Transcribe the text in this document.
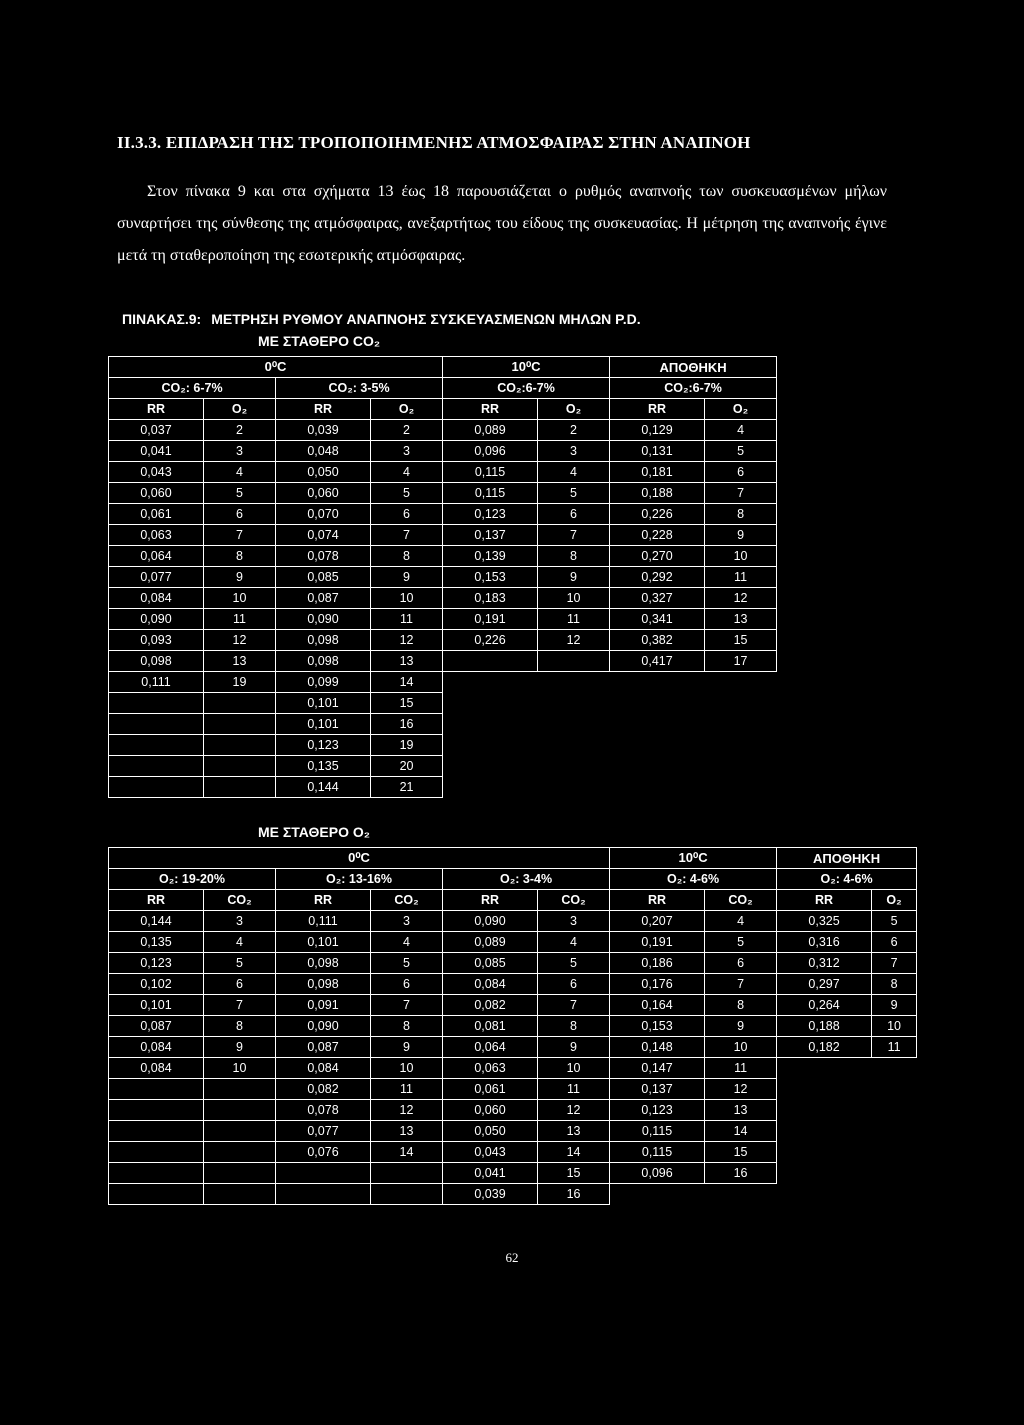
II.3.3. ΕΠΙΔΡΑΣΗ ΤΗΣ ΤΡΟΠΟΠΟΙΗΜΕΝΗΣ ΑΤΜΟΣΦΑΙΡΑΣ ΣΤΗΝ ΑΝΑΠΝΟΗ
Στον πίνακα 9 και στα σχήματα 13 έως 18 παρουσιάζεται ο ρυθμός αναπνοής των συσκευασμένων μήλων συναρτήσει της σύνθεσης της ατμόσφαιρας, ανεξαρτήτως του είδους της συσκευασίας. Η μέτρηση της αναπνοής έγινε μετά τη σταθεροποίηση της εσωτερικής ατμόσφαιρας.
ΠΙΝΑΚΑΣ.9: ΜΕΤΡΗΣΗ ΡΥΘΜΟΥ ΑΝΑΠΝΟΗΣ ΣΥΣΚΕΥΑΣΜΕΝΩΝ ΜΗΛΩΝ P.D.
ΜΕ ΣΤΑΘΕΡΟ CO₂
0⁰C				10⁰C		ΑΠΟΘΗΚΗ	
CO₂: 6-7%		CO₂: 3-5%		CO₂:6-7%		CO₂:6-7%	
RR	O₂	RR	O₂	RR	O₂	RR	O₂
0,037	2	0,039	2	0,089	2	0,129	4
0,041	3	0,048	3	0,096	3	0,131	5
0,043	4	0,050	4	0,115	4	0,181	6
0,060	5	0,060	5	0,115	5	0,188	7
0,061	6	0,070	6	0,123	6	0,226	8
0,063	7	0,074	7	0,137	7	0,228	9
0,064	8	0,078	8	0,139	8	0,270	10
0,077	9	0,085	9	0,153	9	0,292	11
0,084	10	0,087	10	0,183	10	0,327	12
0,090	11	0,090	11	0,191	11	0,341	13
0,093	12	0,098	12	0,226	12	0,382	15
0,098	13	0,098	13			0,417	17
0,111	19	0,099	14				
		0,101	15				
		0,101	16				
		0,123	19				
		0,135	20				
		0,144	21				
ΜΕ ΣΤΑΘΕΡΟ O₂
0⁰C						10⁰C		ΑΠΟΘΗΚΗ	
O₂: 19-20%		O₂: 13-16%		O₂: 3-4%		O₂: 4-6%		O₂: 4-6%	
RR	CO₂	RR	CO₂	RR	CO₂	RR	CO₂	RR	O₂
0,144	3	0,111	3	0,090	3	0,207	4	0,325	5
0,135	4	0,101	4	0,089	4	0,191	5	0,316	6
0,123	5	0,098	5	0,085	5	0,186	6	0,312	7
0,102	6	0,098	6	0,084	6	0,176	7	0,297	8
0,101	7	0,091	7	0,082	7	0,164	8	0,264	9
0,087	8	0,090	8	0,081	8	0,153	9	0,188	10
0,084	9	0,087	9	0,064	9	0,148	10	0,182	11
0,084	10	0,084	10	0,063	10	0,147	11		
		0,082	11	0,061	11	0,137	12		
		0,078	12	0,060	12	0,123	13		
		0,077	13	0,050	13	0,115	14		
		0,076	14	0,043	14	0,115	15		
				0,041	15	0,096	16		
				0,039	16				
62
